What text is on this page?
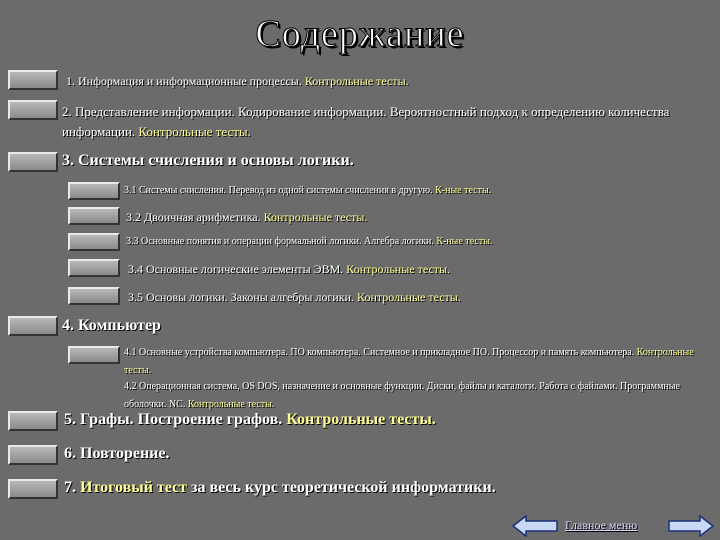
Содержание
1. Информация и информационные процессы. Контрольные тесты.
2. Представление информации. Кодирование информации. Вероятностный подход к определению количества информации. Контрольные тесты.
3. Системы счисления и основы логики.
3.1 Системы счисления. Перевод из одной системы счисления в другую. К-ные тесты.
3.2 Двоичная арифметика. Контрольные тесты.
3.3 Основные понятия и операции формальной логики. Алгебра логики. К-ные тесты.
3.4 Основные логические элементы ЭВМ. Контрольные тесты.
3.5 Основы логики. Законы алгебры логики. Контрольные тесты.
4. Компьютер
4.1 Основные устройства компьютера. ПО компьютера. Системное и прикладное ПО. Процессор и память компьютера. Контрольные тесты.
4.2 Операционная система, OS DOS, назначение и основные функции. Диски, файлы и каталоги. Работа с файлами. Программные оболочки. NC. Контрольные тесты.
5. Графы. Построение графов. Контрольные тесты.
6. Повторение.
7. Итоговый тест за весь курс теоретической информатики.
Главное меню
